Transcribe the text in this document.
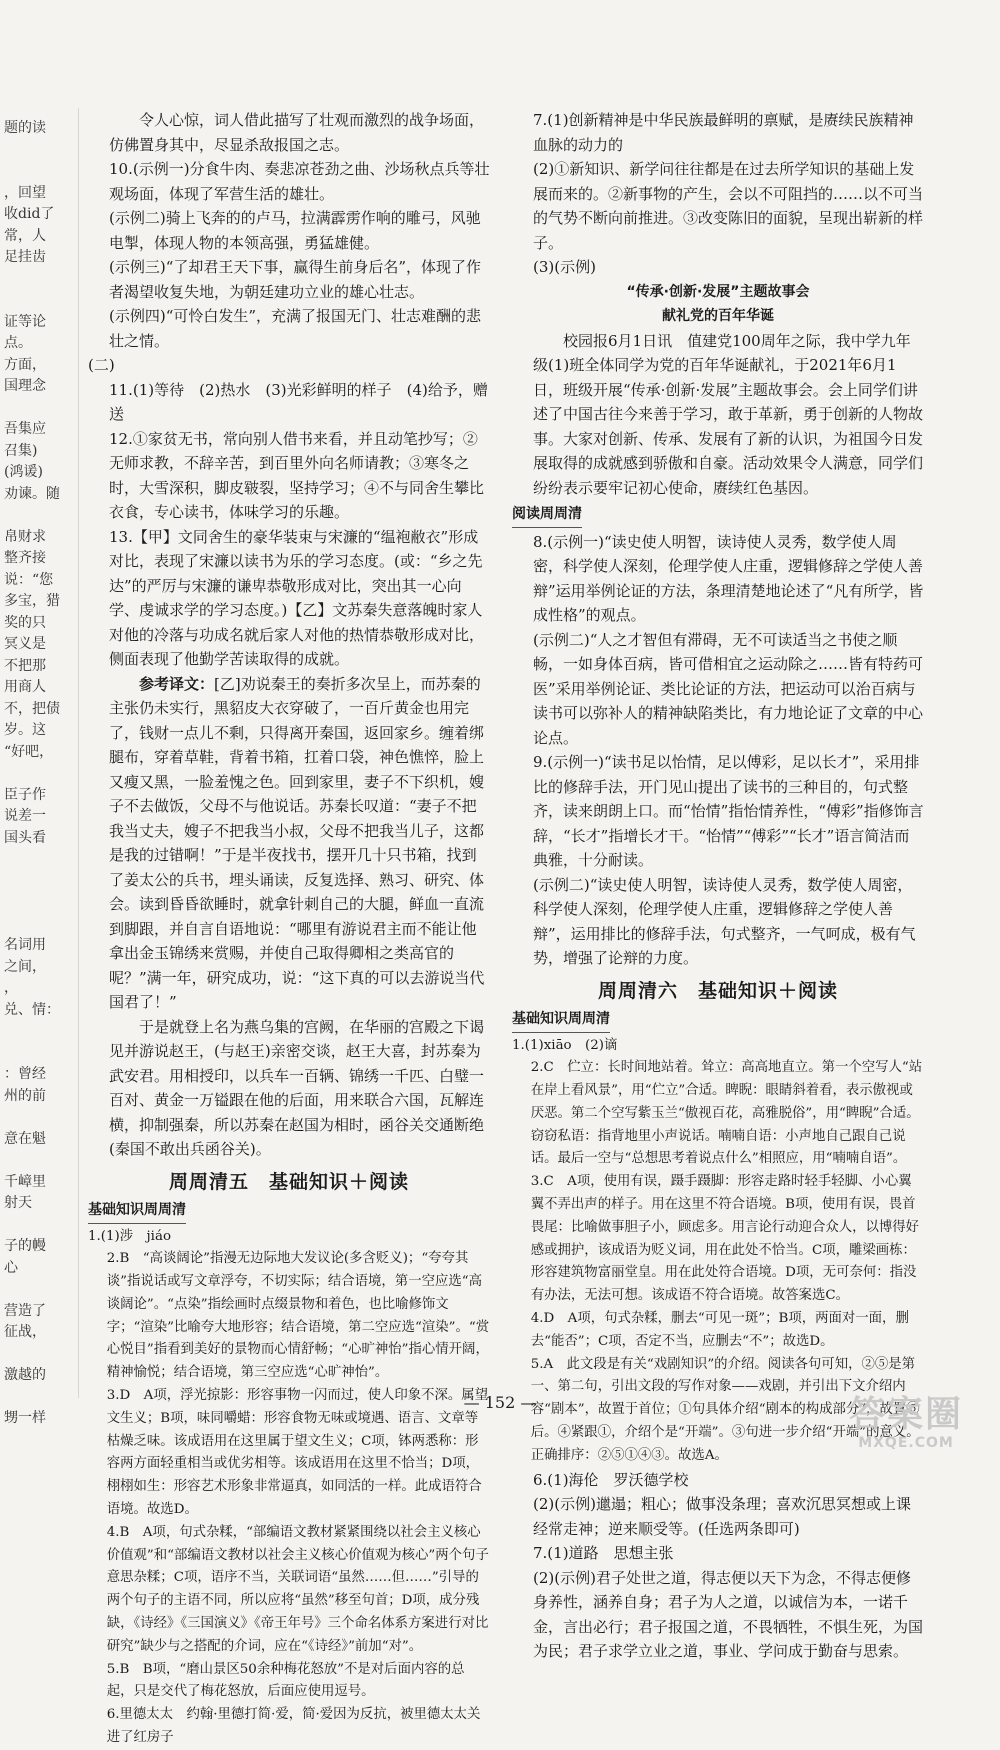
题的读
，回望
收did了
常，人
足挂齿
证等论
点。
方面，
国理念
吾集应
召集)
(鸿谖)
劝谏。随
帛财求
整齐接
说：“您
多宝，猎
奖的只
冥义是
不把那
用商人
不，把债
岁。这
“好吧，
臣子作
说差一
国头看
名词用
之间，
，
兑、情：
：曾经
州的前
意在魁
千嶂里
射天
子的幔
心
营造了
征战，
激越的
甥一样

令人心惊，词人借此描写了壮观而激烈的战争场面，仿佛置身其中，尽显杀敌报国之志。

10.(示例一)分食牛肉、奏悲凉苍劲之曲、沙场秋点兵等壮观场面，体现了军营生活的雄壮。

(示例二)骑上飞奔的的卢马，拉满霹雳作响的雕弓，风驰电掣，体现人物的本领高强，勇猛雄健。

(示例三)“了却君王天下事，赢得生前身后名”，体现了作者渴望收复失地，为朝廷建功立业的雄心壮志。

(示例四)“可怜白发生”，充满了报国无门、壮志难酬的悲壮之情。

(二)

11.(1)等待　(2)热水　(3)光彩鲜明的样子　(4)给予，赠送

12.①家贫无书，常向别人借书来看，并且动笔抄写；②无师求教，不辞辛苦，到百里外向名师请教；③寒冬之时，大雪深积，脚皮皲裂，坚持学习；④不与同舍生攀比衣食，专心读书，体味学习的乐趣。

13.【甲】文同舍生的豪华装束与宋濂的“缊袍敝衣”形成对比，表现了宋濂以读书为乐的学习态度。(或：“乡之先达”的严厉与宋濂的谦卑恭敬形成对比，突出其一心向学、虔诚求学的学习态度。)【乙】文苏秦失意落魄时家人对他的冷落与功成名就后家人对他的热情恭敬形成对比，侧面表现了他勤学苦读取得的成就。

参考译文：[乙]劝说秦王的奏折多次呈上，而苏秦的主张仍未实行，黑貂皮大衣穿破了，一百斤黄金也用完了，钱财一点儿不剩，只得离开秦国，返回家乡。缠着绑腿布，穿着草鞋，背着书箱，扛着口袋，神色憔悴，脸上又瘦又黑，一脸羞愧之色。回到家里，妻子不下织机，嫂子不去做饭，父母不与他说话。苏秦长叹道：“妻子不把我当丈夫，嫂子不把我当小叔，父母不把我当儿子，这都是我的过错啊！”于是半夜找书，摆开几十只书箱，找到了姜太公的兵书，埋头诵读，反复选择、熟习、研究、体会。读到昏昏欲睡时，就拿针刺自己的大腿，鲜血一直流到脚跟，并自言自语地说：“哪里有游说君主而不能让他拿出金玉锦绣来赏赐，并使自己取得卿相之类高官的呢？”满一年，研究成功，说：“这下真的可以去游说当代国君了！”

于是就登上名为燕乌集的宫阙，在华丽的宫殿之下谒见并游说赵王，(与赵王)亲密交谈，赵王大喜，封苏秦为武安君。用相授印，以兵车一百辆、锦绣一千匹、白璧一百对、黄金一万镒跟在他的后面，用来联合六国，瓦解连横，抑制强秦，所以苏秦在赵国为相时，函谷关交通断绝(秦国不敢出兵函谷关)。

周周清五　基础知识＋阅读
基础知识周周清

1.(1)涉　jiáo

2.B　“高谈阔论”指漫无边际地大发议论(多含贬义)；“夸夸其谈”指说话或写文章浮夸，不切实际；结合语境，第一空应选“高谈阔论”。“点染”指绘画时点缀景物和着色，也比喻修饰文字；“渲染”比喻夸大地形容；结合语境，第二空应选“渲染”。“赏心悦目”指看到美好的景物而心情舒畅；“心旷神怡”指心情开阔，精神愉悦；结合语境，第三空应选“心旷神怡”。

3.D　A项，浮光掠影：形容事物一闪而过，使人印象不深。属望文生义；B项，味同嚼蜡：形容食物无味或境遇、语言、文章等枯燥乏味。该成语用在这里属于望文生义；C项，钵两悉称：形容两方面轻重相当或优劣相等。该成语用在这里不恰当；D项，栩栩如生：形容艺术形象非常逼真，如同活的一样。此成语符合语境。故选D。

4.B　A项，句式杂糅，“部编语文教材紧紧围绕以社会主义核心价值观”和“部编语文教材以社会主义核心价值观为核心”两个句子意思杂糅；C项，语序不当，关联词语“虽然……但……”引导的两个句子的主语不同，所以应将“虽然”移至句首；D项，成分残缺，《诗经》《三国演义》《帝王年号》三个命名体系方案进行对比研究”缺少与之搭配的介词，应在“《诗经》”前加“对”。

5.B　B项，“磨山景区50余种梅花怒放”不是对后面内容的总起，只是交代了梅花怒放，后面应使用逗号。

6.里德太太　约翰·里德打简·爱，简·爱因为反抗，被里德太太关进了红房子

7.(1)创新精神是中华民族最鲜明的禀赋，是赓续民族精神血脉的动力的

(2)①新知识、新学问往往都是在过去所学知识的基础上发展而来的。②新事物的产生，会以不可阻挡的……以不可当的气势不断向前推进。③改变陈旧的面貌，呈现出崭新的样子。

(3)(示例)

“传承·创新·发展”主题故事会
献礼党的百年华诞

校园报6月1日讯　值建党100周年之际，我中学九年级(1)班全体同学为党的百年华诞献礼，于2021年6月1日，班级开展“传承·创新·发展”主题故事会。会上同学们讲述了中国古往今来善于学习，敢于革新，勇于创新的人物故事。大家对创新、传承、发展有了新的认识，为祖国今日发展取得的成就感到骄傲和自豪。活动效果令人满意，同学们纷纷表示要牢记初心使命，赓续红色基因。

阅读周周清

8.(示例一)“读史使人明智，读诗使人灵秀，数学使人周密，科学使人深刻，伦理学使人庄重，逻辑修辞之学使人善辩”运用举例论证的方法，条理清楚地论述了“凡有所学，皆成性格”的观点。

(示例二)“人之才智但有滞碍，无不可读适当之书使之顺畅，一如身体百病，皆可借相宜之运动除之……皆有特药可医”采用举例论证、类比论证的方法，把运动可以治百病与读书可以弥补人的精神缺陷类比，有力地论证了文章的中心论点。

9.(示例一)“读书足以怡情，足以傅彩，足以长才”，采用排比的修辞手法，开门见山提出了读书的三种目的，句式整齐，读来朗朗上口。而“怡情”指怡情养性，“傅彩”指修饰言辞，“长才”指增长才干。“怡情”“傅彩”“长才”语言简洁而典雅，十分耐读。

(示例二)“读史使人明智，读诗使人灵秀，数学使人周密，科学使人深刻，伦理学使人庄重，逻辑修辞之学使人善辩”，运用排比的修辞手法，句式整齐，一气呵成，极有气势，增强了论辩的力度。

周周清六　基础知识＋阅读
基础知识周周清

1.(1)xiāo　(2)谪

2.C　伫立：长时间地站着。耸立：高高地直立。第一个空写人“站在岸上看风景”，用“伫立”合适。睥睨：眼睛斜着看，表示傲视或厌恶。第二个空写紫玉兰“傲视百花，高雅脱俗”，用“睥睨”合适。窃窃私语：指背地里小声说话。喃喃自语：小声地自己跟自己说话。最后一空与“总想思考着说点什么”相照应，用“喃喃自语”。

3.C　A项，使用有误，蹑手蹑脚：形容走路时轻手轻脚、小心翼翼不弄出声的样子。用在这里不符合语境。B项，使用有误，畏首畏尾：比喻做事胆子小，顾虑多。用言论行动迎合众人，以博得好感或拥护，该成语为贬义词，用在此处不恰当。C项，雕梁画栋：形容建筑物富丽堂皇。用在此处符合语境。D项，无可奈何：指没有办法，无法可想。该成语不符合语境。故答案选C。

4.D　A项，句式杂糅，删去“可见一斑”；B项，两面对一面，删去“能否”；C项，否定不当，应删去“不”；故选D。

5.A　此文段是有关“戏剧知识”的介绍。阅读各句可知，②⑤是第一、第二句，引出文段的写作对象——戏剧，并引出下文介绍内容“剧本”，故置于首位；①句具体介绍“剧本的构成部分”，故置⑤后。④紧跟①，介绍个是“开端”。③句进一步介绍“开端”的意义。正确排序：②⑤①④③。故选A。

6.(1)海伦　罗沃德学校

(2)(示例)邋遢；粗心；做事没条理；喜欢沉思冥想或上课经常走神；逆来顺受等。(任选两条即可)

7.(1)道路　思想主张

(2)(示例)君子处世之道，得志便以天下为念，不得志便修身养性，涵养自身；君子为人之道，以诚信为本，一诺千金，言出必行；君子报国之道，不畏牺牲，不惧生死，为国为民；君子求学立业之道，事业、学问成于勤奋与思索。

— 152 —	答案圈
MXQE.COM
